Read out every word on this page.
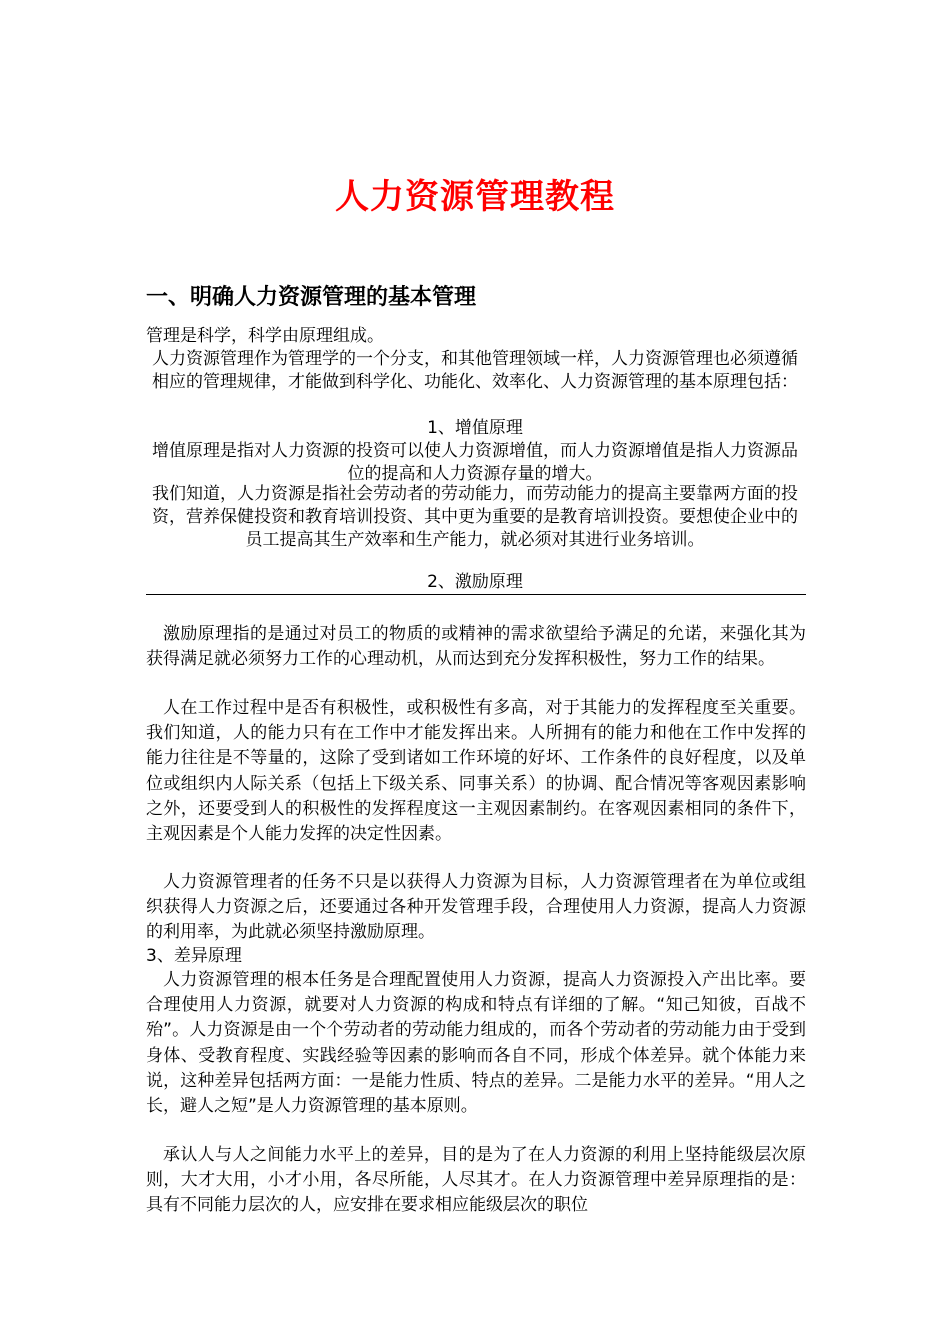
人力资源管理教程
一、明确人力资源管理的基本管理
管理是科学，科学由原理组成。
人力资源管理作为管理学的一个分支，和其他管理领域一样，人力资源管理也必须遵循相应的管理规律，才能做到科学化、功能化、效率化、人力资源管理的基本原理包括：
1、增值原理
增值原理是指对人力资源的投资可以使人力资源增值，而人力资源增值是指人力资源品位的提高和人力资源存量的增大。
我们知道，人力资源是指社会劳动者的劳动能力，而劳动能力的提高主要靠两方面的投资，营养保健投资和教育培训投资、其中更为重要的是教育培训投资。要想使企业中的员工提高其生产效率和生产能力，就必须对其进行业务培训。
2、激励原理
激励原理指的是通过对员工的物质的或精神的需求欲望给予满足的允诺，来强化其为获得满足就必须努力工作的心理动机，从而达到充分发挥积极性，努力工作的结果。
人在工作过程中是否有积极性，或积极性有多高，对于其能力的发挥程度至关重要。我们知道，人的能力只有在工作中才能发挥出来。人所拥有的能力和他在工作中发挥的能力往往是不等量的，这除了受到诸如工作环境的好坏、工作条件的良好程度，以及单位或组织内人际关系（包括上下级关系、同事关系）的协调、配合情况等客观因素影响之外，还要受到人的积极性的发挥程度这一主观因素制约。在客观因素相同的条件下，主观因素是个人能力发挥的决定性因素。
人力资源管理者的任务不只是以获得人力资源为目标，人力资源管理者在为单位或组织获得人力资源之后，还要通过各种开发管理手段，合理使用人力资源，提高人力资源的利用率，为此就必须坚持激励原理。
3、差异原理
人力资源管理的根本任务是合理配置使用人力资源，提高人力资源投入产出比率。要合理使用人力资源，就要对人力资源的构成和特点有详细的了解。“知己知彼，百战不殆”。人力资源是由一个个劳动者的劳动能力组成的，而各个劳动者的劳动能力由于受到身体、受教育程度、实践经验等因素的影响而各自不同，形成个体差异。就个体能力来说，这种差异包括两方面：一是能力性质、特点的差异。二是能力水平的差异。“用人之长，避人之短”是人力资源管理的基本原则。
承认人与人之间能力水平上的差异，目的是为了在人力资源的利用上坚持能级层次原则，大才大用，小才小用，各尽所能，人尽其才。在人力资源管理中差异原理指的是：具有不同能力层次的人，应安排在要求相应能级层次的职位
